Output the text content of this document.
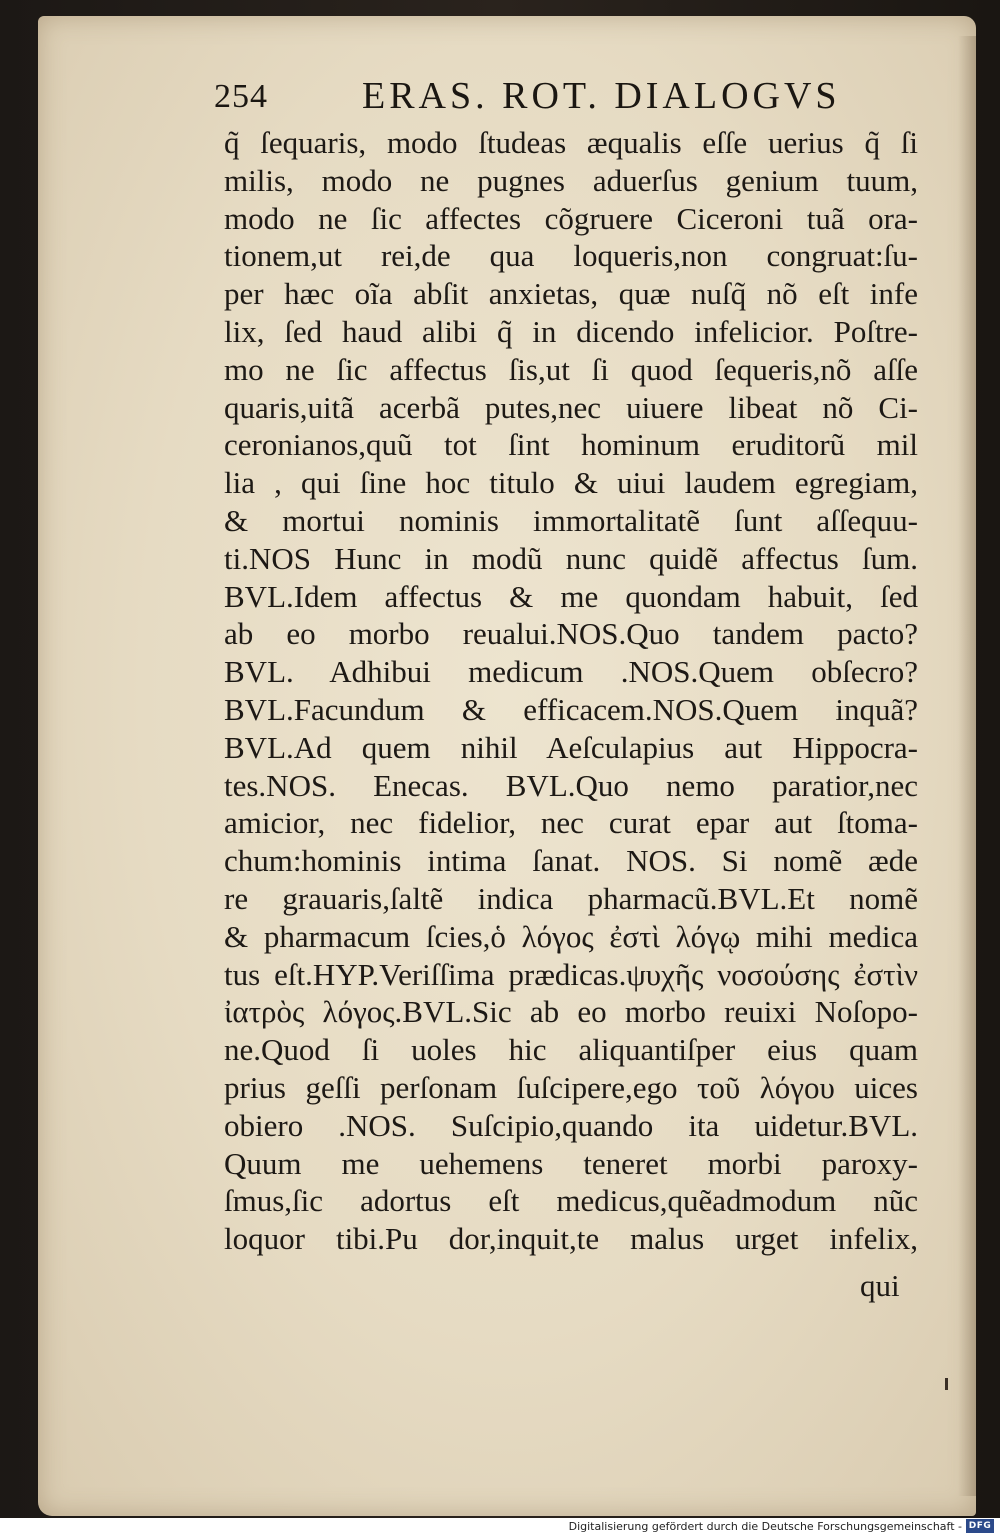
254 ERAS. ROT. DIALOGVS
q̃ ſequaris, modo ſtudeas æqualis eſſe uerius q̃ ſi
milis, modo ne pugnes aduerſus genium tuum,
modo ne ſic affectes cõgruere Ciceroni tuã ora-
tionem,ut rei,de qua loqueris,non congruat:ſu-
per hæc oĩa abſit anxietas, quæ nuſq̃ nõ eſt infe
lix, ſed haud alibi q̃ in dicendo infelicior. Poſtre-
mo ne ſic affectus ſis,ut ſi quod ſequeris,nõ aſſe
quaris,uitã acerbã putes,nec uiuere libeat nõ Ci-
ceronianos,quũ tot ſint hominum eruditorũ mil
lia , qui ſine hoc titulo & uiui laudem egregiam,
& mortui nominis immortalitatẽ ſunt aſſequu-
ti.NOS Hunc in modũ nunc quidẽ affectus ſum.
BVL.Idem affectus & me quondam habuit, ſed
ab eo morbo reualui.NOS.Quo tandem pacto?
BVL. Adhibui medicum .NOS.Quem obſecro?
BVL.Facundum & efficacem.NOS.Quem inquã?
BVL.Ad quem nihil Aeſculapius aut Hippocra-
tes.NOS. Enecas. BVL.Quo nemo paratior,nec
amicior, nec fidelior, nec curat epar aut ſtoma-
chum:hominis intima ſanat. NOS. Si nomẽ æde
re grauaris,ſaltẽ indica pharmacũ.BVL.Et nomẽ
& pharmacum ſcies,ὁ λόγος ἐστὶ λόγῳ mihi medica
tus eſt.HYP.Veriſſima prædicas.ψυχῆς νοσούσης ἐστὶν
ἰατρὸς λόγος.BVL.Sic ab eo morbo reuixi Noſopo-
ne.Quod ſi uoles hic aliquantiſper eius quam
prius geſſi perſonam ſuſcipere,ego τοῦ λόγου uices
obiero .NOS. Suſcipio,quando ita uidetur.BVL.
Quum me uehemens teneret morbi paroxy-
ſmus,ſic adortus eſt medicus,quẽadmodum nũc
loquor tibi.Pu dor,inquit,te malus urget infelix,
qui
Digitalisierung gefördert durch die Deutsche Forschungsgemeinschaft - DFG
